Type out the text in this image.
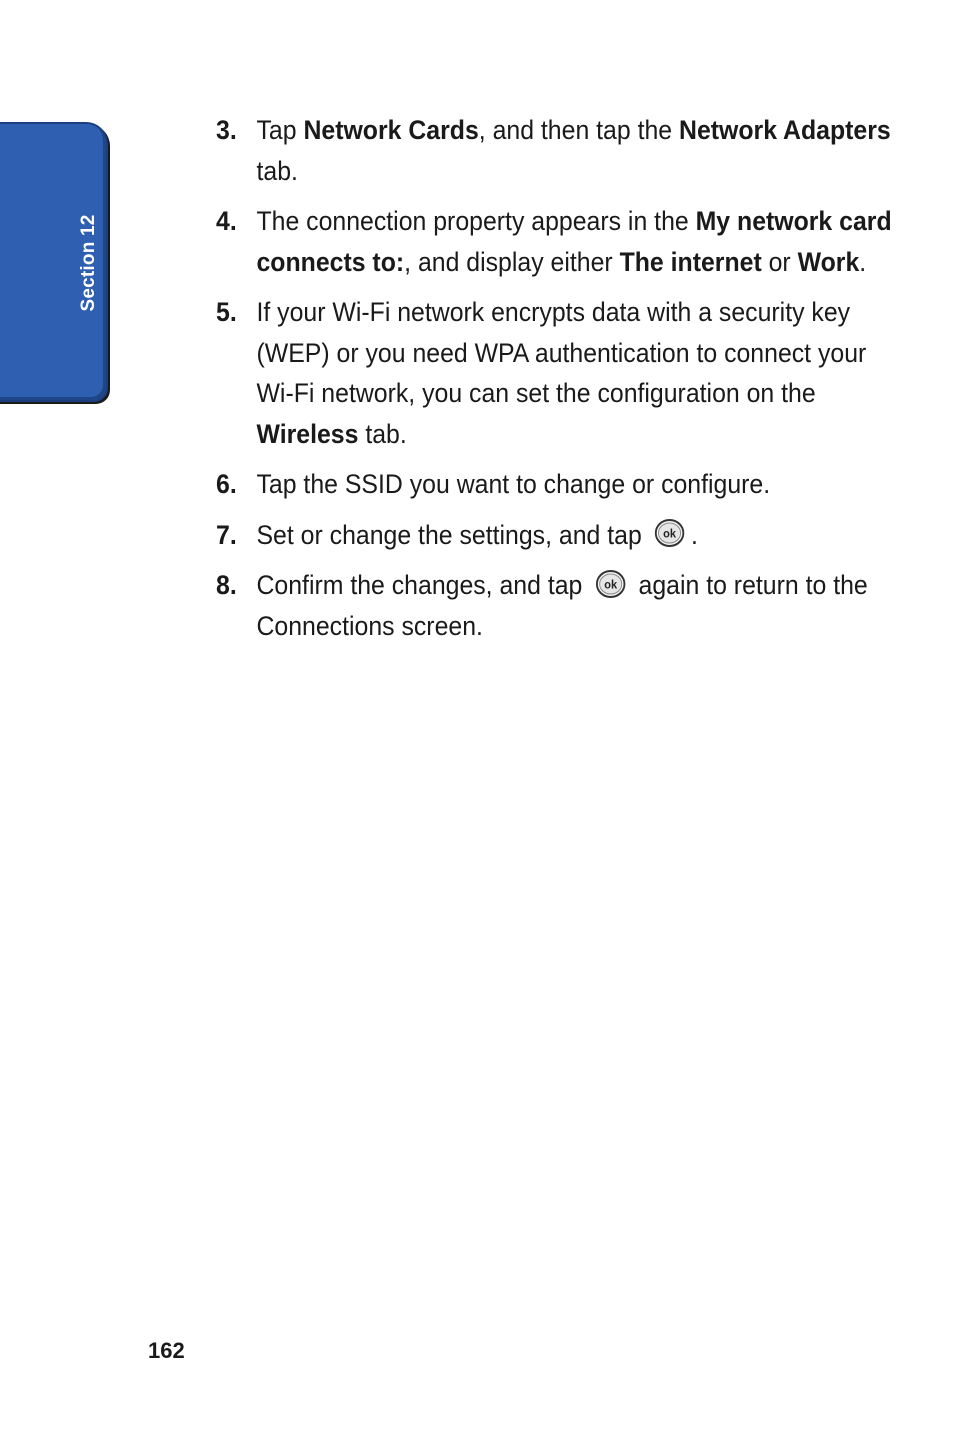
Section 12
3. Tap Network Cards, and then tap the Network Adapters tab.
4. The connection property appears in the My network card connects to:, and display either The internet or Work.
5. If your Wi-Fi network encrypts data with a security key (WEP) or you need WPA authentication to connect your Wi-Fi network, you can set the configuration on the Wireless tab.
6. Tap the SSID you want to change or configure.
7. Set or change the settings, and tap ok .
8. Confirm the changes, and tap ok again to return to the Connections screen.
162
